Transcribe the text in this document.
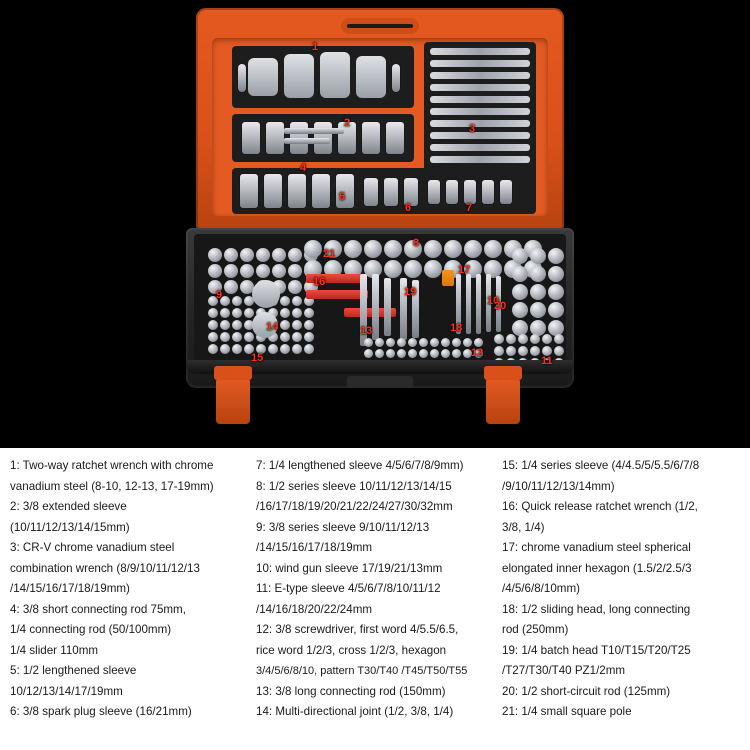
1
2	3
4
5
6	7
8
9	10
11
12
13
14
15
16
17
18
19
20
21
1: Two-way ratchet wrench with chrome
vanadium steel (8-10, 12-13, 17-19mm)
2: 3/8 extended sleeve
(10/11/12/13/14/15mm)
3: CR-V chrome vanadium steel
combination wrench (8/9/10/11/12/13
/14/15/16/17/18/19mm)
4: 3/8 short connecting rod 75mm,
1/4 connecting rod (50/100mm)
1/4 slider 110mm
5: 1/2 lengthened sleeve
10/12/13/14/17/19mm
6: 3/8 spark plug sleeve (16/21mm)
7: 1/4 lengthened sleeve 4/5/6/7/8/9mm)
8: 1/2 series sleeve 10/11/12/13/14/15
/16/17/18/19/20/21/22/24/27/30/32mm
9: 3/8 series sleeve 9/10/11/12/13
/14/15/16/17/18/19mm
10: wind gun sleeve 17/19/21/13mm
11: E-type sleeve 4/5/6/7/8/10/11/12
/14/16/18/20/22/24mm
12: 3/8 screwdriver, first word 4/5.5/6.5,
rice word 1/2/3, cross 1/2/3, hexagon
3/4/5/6/8/10, pattern T30/T40 /T45/T50/T55
13: 3/8 long connecting rod (150mm)
14: Multi-directional joint (1/2, 3/8, 1/4)
15: 1/4 series sleeve (4/4.5/5/5.5/6/7/8
/9/10/11/12/13/14mm)
16: Quick release ratchet wrench (1/2,
3/8, 1/4)
17: chrome vanadium steel spherical
elongated inner hexagon (1.5/2/2.5/3
/4/5/6/8/10mm)
18: 1/2 sliding head, long connecting
rod (250mm)
19: 1/4 batch head T10/T15/T20/T25
/T27/T30/T40 PZ1/2mm
20: 1/2 short-circuit rod (125mm)
21: 1/4 small square pole
